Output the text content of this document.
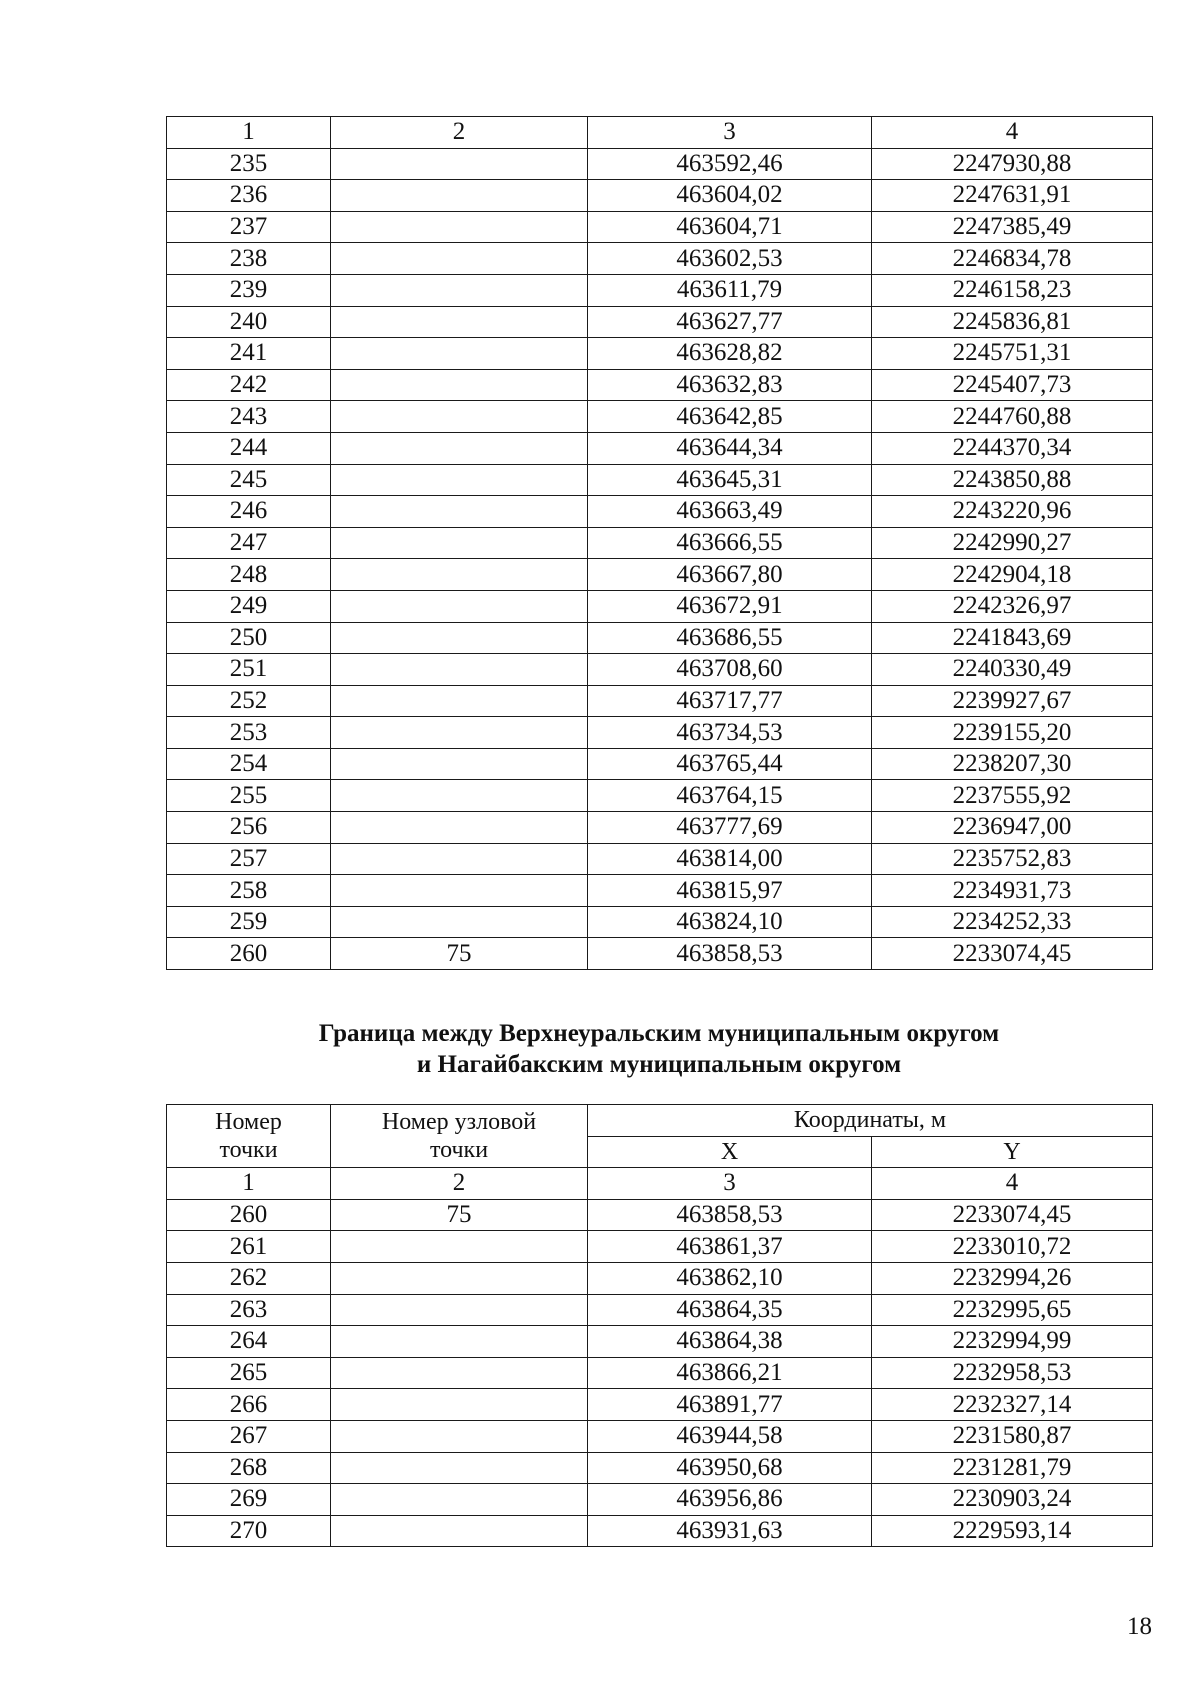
1	2	3	4
235		463592,46	2247930,88
236		463604,02	2247631,91
237		463604,71	2247385,49
238		463602,53	2246834,78
239		463611,79	2246158,23
240		463627,77	2245836,81
241		463628,82	2245751,31
242		463632,83	2245407,73
243		463642,85	2244760,88
244		463644,34	2244370,34
245		463645,31	2243850,88
246		463663,49	2243220,96
247		463666,55	2242990,27
248		463667,80	2242904,18
249		463672,91	2242326,97
250		463686,55	2241843,69
251		463708,60	2240330,49
252		463717,77	2239927,67
253		463734,53	2239155,20
254		463765,44	2238207,30
255		463764,15	2237555,92
256		463777,69	2236947,00
257		463814,00	2235752,83
258		463815,97	2234931,73
259		463824,10	2234252,33
260	75	463858,53	2233074,45
Граница между Верхнеуральским муниципальным округом
и Нагайбакским муниципальным округом
Номер точки	Номер узловой точки	Координаты, м	
		X	Y
1	2	3	4
260	75	463858,53	2233074,45
261		463861,37	2233010,72
262		463862,10	2232994,26
263		463864,35	2232995,65
264		463864,38	2232994,99
265		463866,21	2232958,53
266		463891,77	2232327,14
267		463944,58	2231580,87
268		463950,68	2231281,79
269		463956,86	2230903,24
270		463931,63	2229593,14
18
